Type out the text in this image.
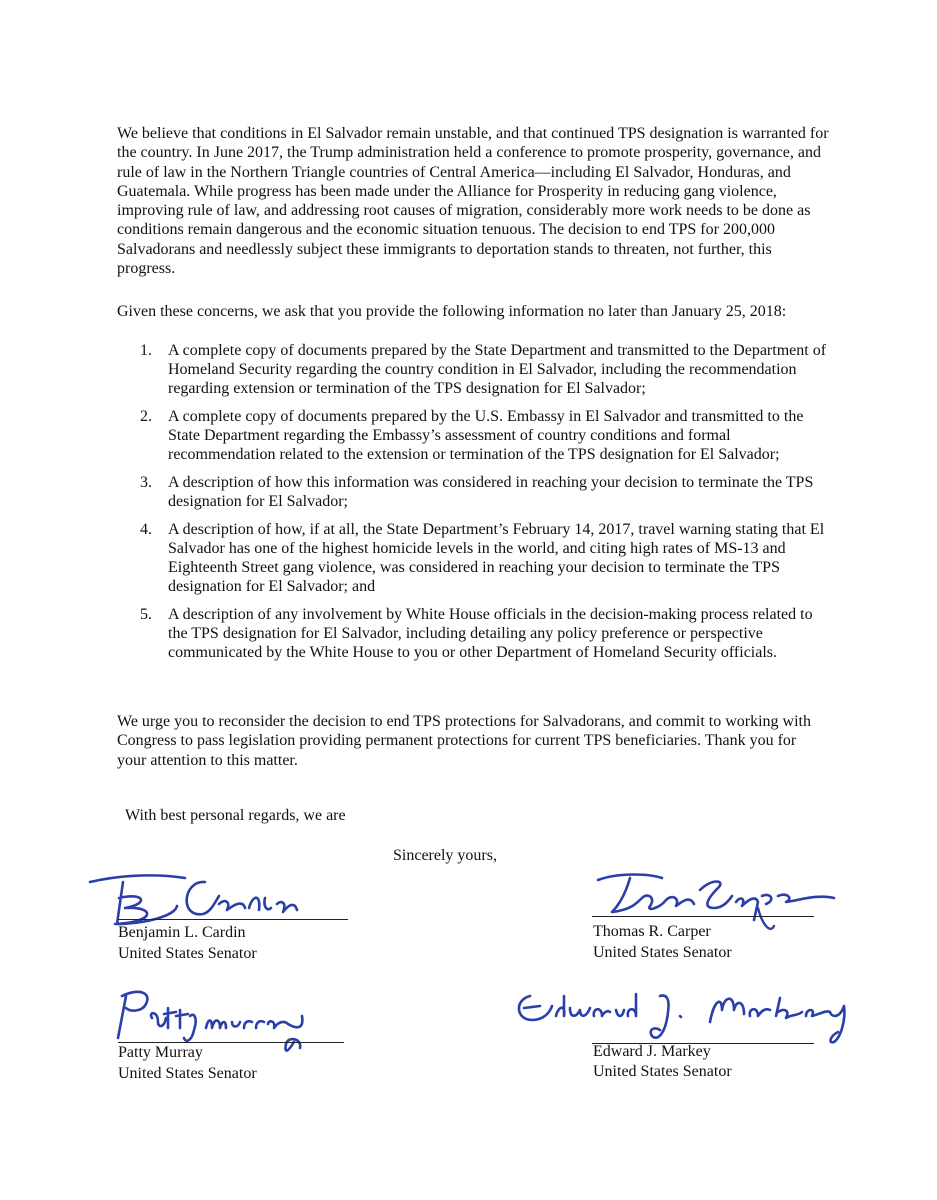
We believe that conditions in El Salvador remain unstable, and that continued TPS designation is warranted for the country. In June 2017, the Trump administration held a conference to promote prosperity, governance, and rule of law in the Northern Triangle countries of Central America—including El Salvador, Honduras, and Guatemala. While progress has been made under the Alliance for Prosperity in reducing gang violence, improving rule of law, and addressing root causes of migration, considerably more work needs to be done as conditions remain dangerous and the economic situation tenuous. The decision to end TPS for 200,000 Salvadorans and needlessly subject these immigrants to deportation stands to threaten, not further, this progress.

Given these concerns, we ask that you provide the following information no later than January 25, 2018:

1. A complete copy of documents prepared by the State Department and transmitted to the Department of Homeland Security regarding the country condition in El Salvador, including the recommendation regarding extension or termination of the TPS designation for El Salvador;
2. A complete copy of documents prepared by the U.S. Embassy in El Salvador and transmitted to the State Department regarding the Embassy’s assessment of country conditions and formal recommendation related to the extension or termination of the TPS designation for El Salvador;
3. A description of how this information was considered in reaching your decision to terminate the TPS designation for El Salvador;
4. A description of how, if at all, the State Department’s February 14, 2017, travel warning stating that El Salvador has one of the highest homicide levels in the world, and citing high rates of MS-13 and Eighteenth Street gang violence, was considered in reaching your decision to terminate the TPS designation for El Salvador; and
5. A description of any involvement by White House officials in the decision-making process related to the TPS designation for El Salvador, including detailing any policy preference or perspective communicated by the White House to you or other Department of Homeland Security officials.

We urge you to reconsider the decision to end TPS protections for Salvadorans, and commit to working with Congress to pass legislation providing permanent protections for current TPS beneficiaries. Thank you for your attention to this matter.

With best personal regards, we are
Sincerely yours,
Benjamin L. Cardin
United States Senator
Thomas R. Carper
United States Senator
Patty Murray
United States Senator
Edward J. Markey
United States Senator
